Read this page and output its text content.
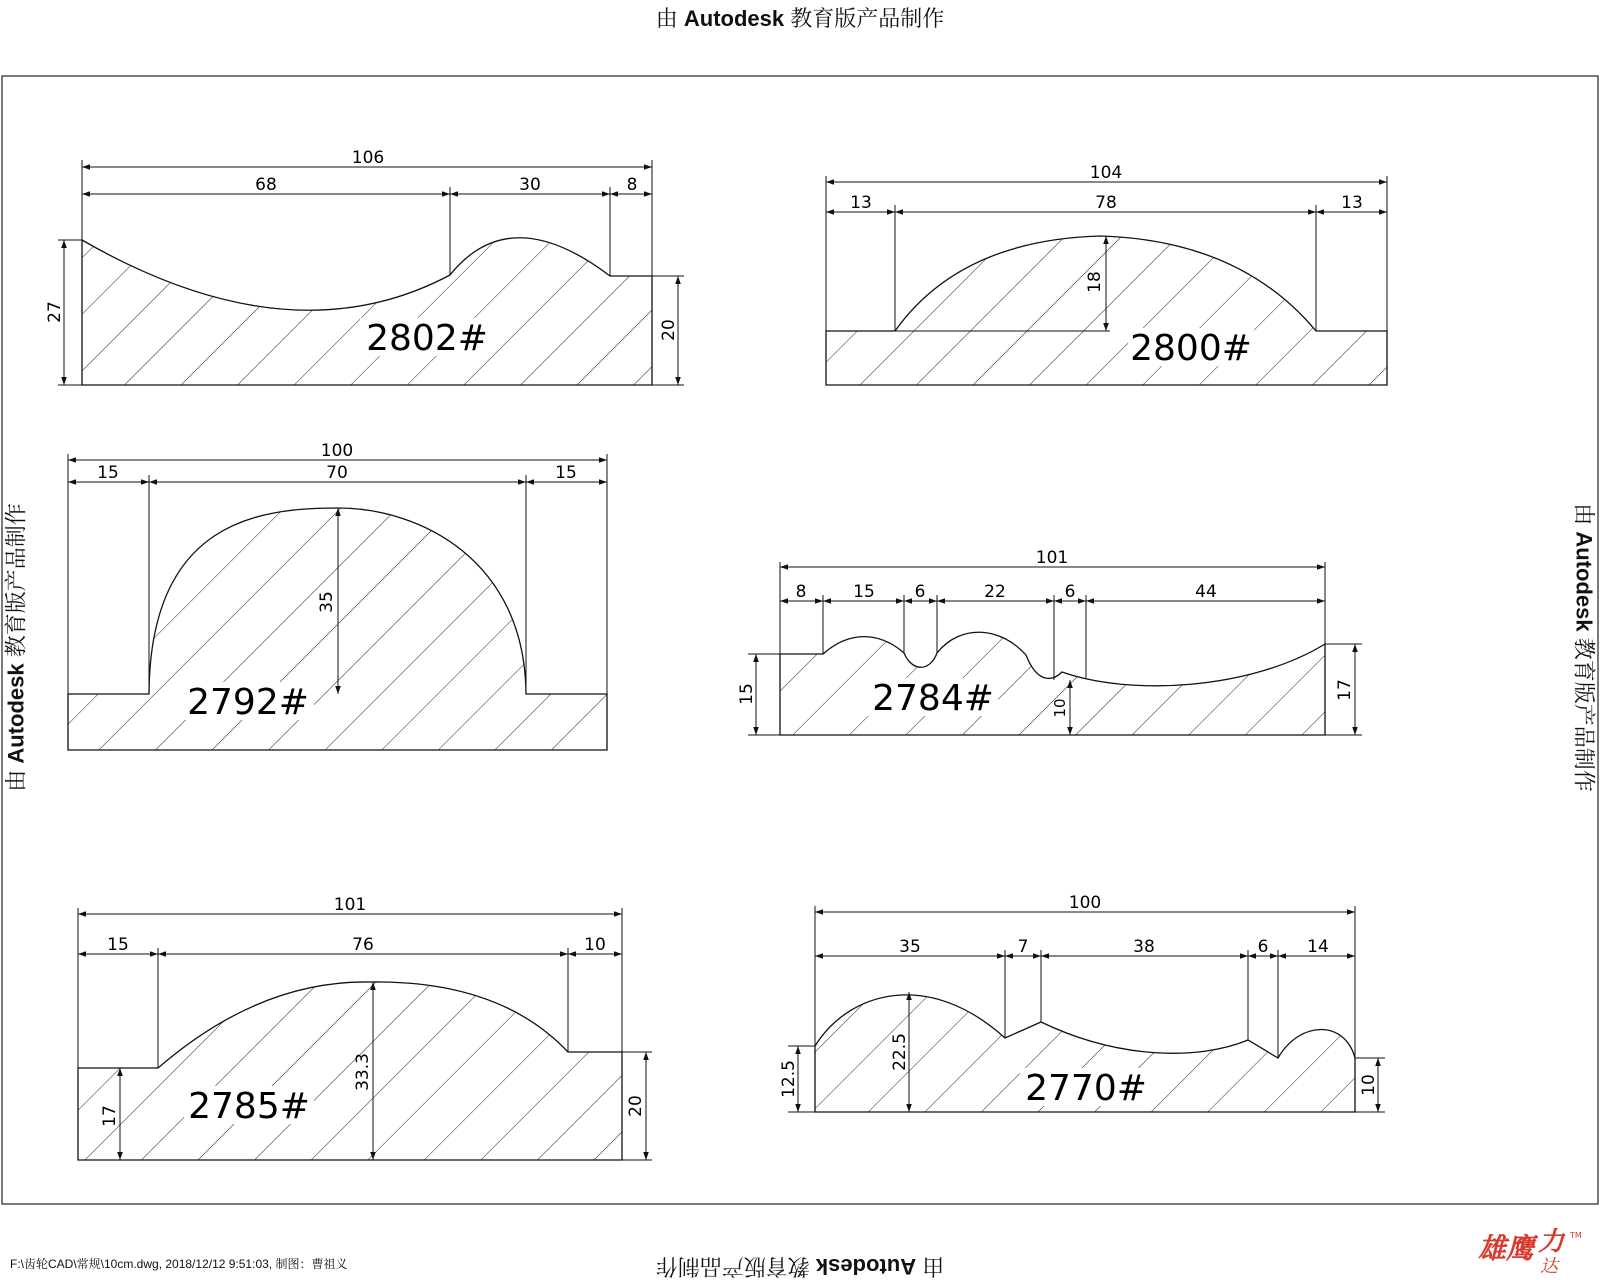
由 Autodesk 教育版产品制作
由 Autodesk 教育版产品制作	由 Autodesk 教育版产品制作
由 Autodesk 教育版产品制作
106
68	30	8
27
20
2802#
104
13	78	13
18
2800#
100
15	70	15
35
2792#
101
8	15 6	22	6	44
15
10
17
2784#
101
15	76	10
17
33.3
20
2785#
100
35	7	38	6 14
12.5
22.5
10
2770#
F:\齿轮CAD\常规\10cm.dwg, 2018/12/12 9:51:03, 制图：曹祖义	雄鹰 力
达
TM
